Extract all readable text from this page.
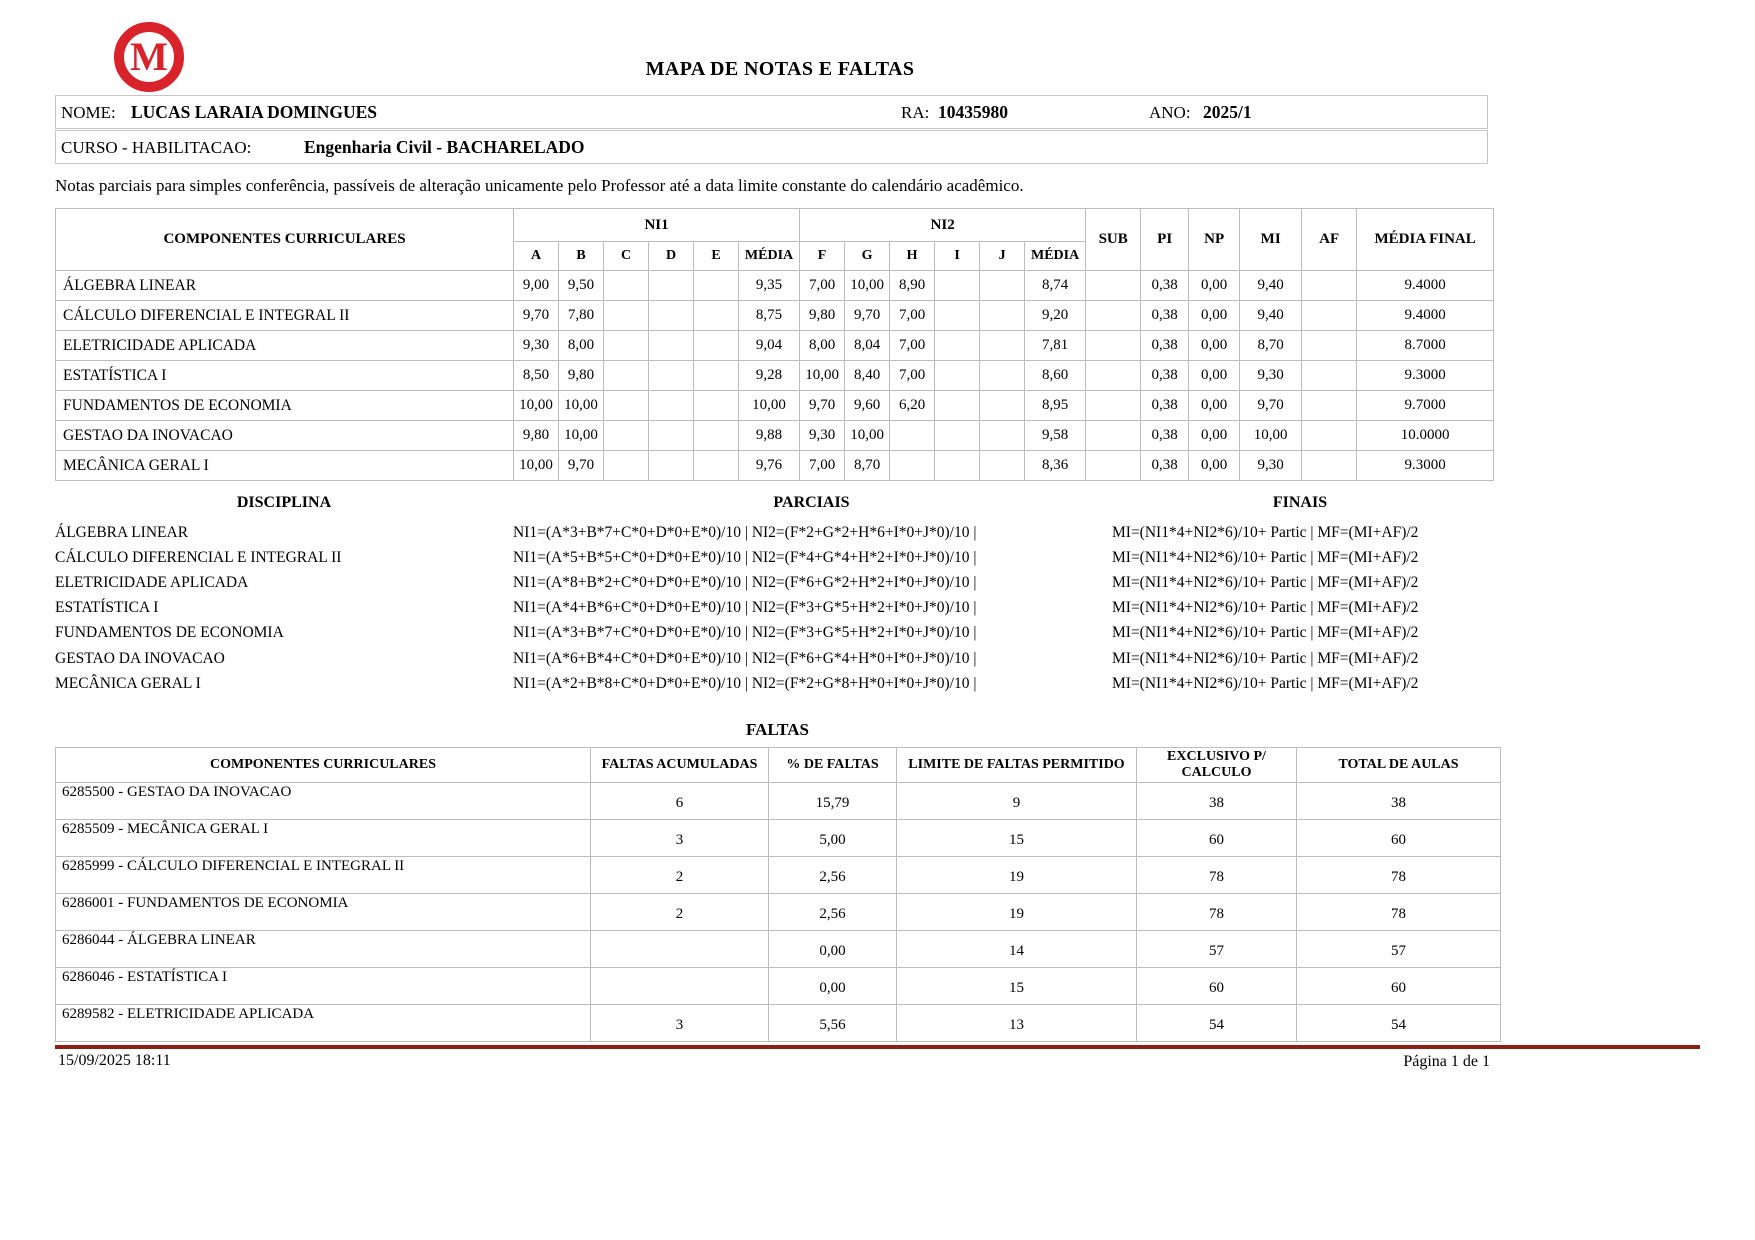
M	MAPA DE NOTAS E FALTAS
NOME: LUCAS LARAIA DOMINGUES	RA: 10435980	ANO: 2025/1
CURSO - HABILITACAO:	Engenharia Civil - BACHARELADO
Notas parciais para simples conferência, passíveis de alteração unicamente pelo Professor até a data limite constante do calendário acadêmico.
COMPONENTES CURRICULARES	NI1						NI2						SUB	PI	NP	MI	AF	MÉDIA FINAL
	A	B	C	D	E	MÉDIA	F	G	H	I	J	MÉDIA						
ÁLGEBRA LINEAR	9,00	9,50				9,35	7,00	10,00	8,90			8,74		0,38	0,00	9,40		9.4000
CÁLCULO DIFERENCIAL E INTEGRAL II	9,70	7,80				8,75	9,80	9,70	7,00			9,20		0,38	0,00	9,40		9.4000
ELETRICIDADE APLICADA	9,30	8,00				9,04	8,00	8,04	7,00			7,81		0,38	0,00	8,70		8.7000
ESTATÍSTICA I	8,50	9,80				9,28	10,00	8,40	7,00			8,60		0,38	0,00	9,30		9.3000
FUNDAMENTOS DE ECONOMIA	10,00	10,00				10,00	9,70	9,60	6,20			8,95		0,38	0,00	9,70		9.7000
GESTAO DA INOVACAO	9,80	10,00				9,88	9,30	10,00				9,58		0,38	0,00	10,00		10.0000
MECÂNICA GERAL I	10,00	9,70				9,76	7,00	8,70				8,36		0,38	0,00	9,30		9.3000
DISCIPLINA	PARCIAIS	FINAIS
ÁLGEBRA LINEAR	NI1=(A*3+B*7+C*0+D*0+E*0)/10 | NI2=(F*2+G*2+H*6+I*0+J*0)/10 |	MI=(NI1*4+NI2*6)/10+ Partic | MF=(MI+AF)/2
CÁLCULO DIFERENCIAL E INTEGRAL II	NI1=(A*5+B*5+C*0+D*0+E*0)/10 | NI2=(F*4+G*4+H*2+I*0+J*0)/10 |	MI=(NI1*4+NI2*6)/10+ Partic | MF=(MI+AF)/2
ELETRICIDADE APLICADA	NI1=(A*8+B*2+C*0+D*0+E*0)/10 | NI2=(F*6+G*2+H*2+I*0+J*0)/10 |	MI=(NI1*4+NI2*6)/10+ Partic | MF=(MI+AF)/2
ESTATÍSTICA I	NI1=(A*4+B*6+C*0+D*0+E*0)/10 | NI2=(F*3+G*5+H*2+I*0+J*0)/10 |	MI=(NI1*4+NI2*6)/10+ Partic | MF=(MI+AF)/2
FUNDAMENTOS DE ECONOMIA	NI1=(A*3+B*7+C*0+D*0+E*0)/10 | NI2=(F*3+G*5+H*2+I*0+J*0)/10 |	MI=(NI1*4+NI2*6)/10+ Partic | MF=(MI+AF)/2
GESTAO DA INOVACAO	NI1=(A*6+B*4+C*0+D*0+E*0)/10 | NI2=(F*6+G*4+H*0+I*0+J*0)/10 |	MI=(NI1*4+NI2*6)/10+ Partic | MF=(MI+AF)/2
MECÂNICA GERAL I	NI1=(A*2+B*8+C*0+D*0+E*0)/10 | NI2=(F*2+G*8+H*0+I*0+J*0)/10 |	MI=(NI1*4+NI2*6)/10+ Partic | MF=(MI+AF)/2
FALTAS
COMPONENTES CURRICULARES	FALTAS ACUMULADAS	% DE FALTAS	LIMITE DE FALTAS PERMITIDO	EXCLUSIVO P/ CALCULO	TOTAL DE AULAS
6285500 - GESTAO DA INOVACAO	6	15,79	9	38	38
6285509 - MECÂNICA GERAL I	3	5,00	15	60	60
6285999 - CÁLCULO DIFERENCIAL E INTEGRAL II	2	2,56	19	78	78
6286001 - FUNDAMENTOS DE ECONOMIA	2	2,56	19	78	78
6286044 - ÁLGEBRA LINEAR		0,00	14	57	57
6286046 - ESTATÍSTICA I		0,00	15	60	60
6289582 - ELETRICIDADE APLICADA	3	5,56	13	54	54
15/09/2025 18:11	Página 1 de 1
